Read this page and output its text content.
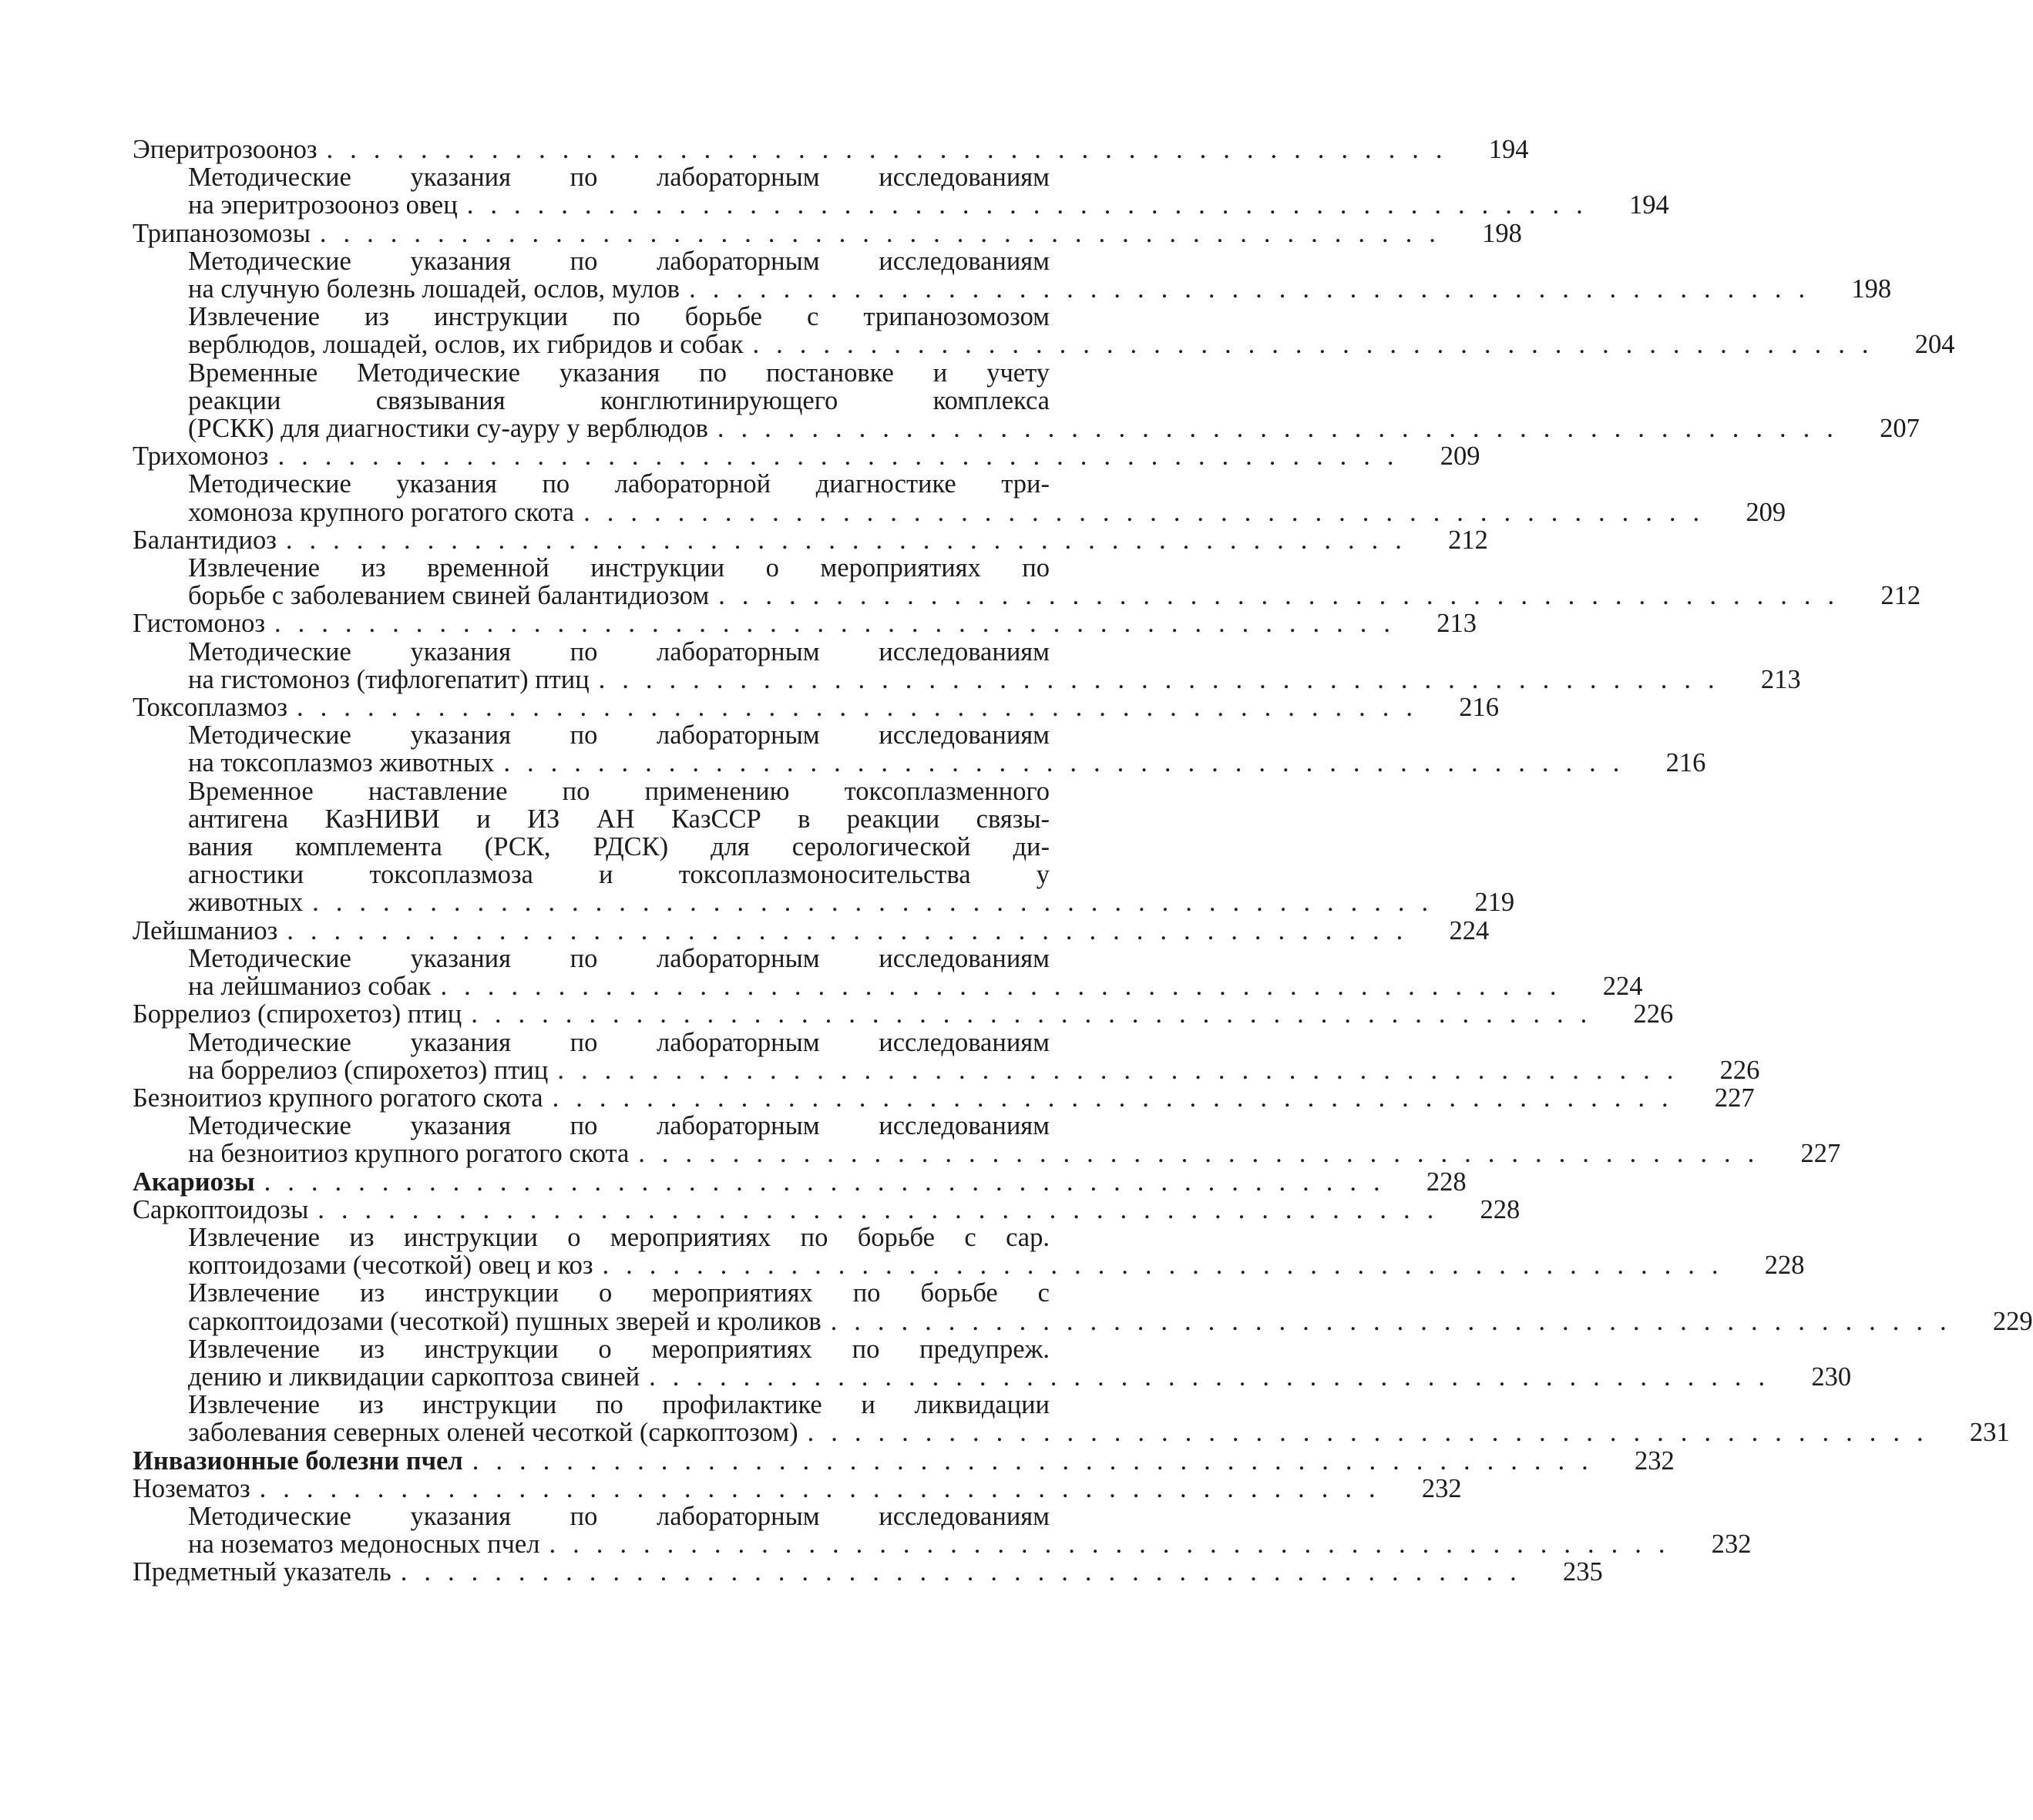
Эперитрозооноз ................................................	194
Методические указания по лабораторным исследованиям
на эперитрозооноз овец ................................................	194
Трипанозомозы ................................................	198
Методические указания по лабораторным исследованиям
на случную болезнь лошадей, ослов, мулов ................................................	198
Извлечение из инструкции по борьбе с трипанозомозом
верблюдов, лошадей, ослов, их гибридов и собак ................................................	204
Временные Методические указания по постановке и учету
реакции связывания конглютинирующего комплекса
(РСКК) для диагностики су-ауру у верблюдов ................................................	207
Трихомоноз ................................................	209
Методические указания по лабораторной диагностике три-
хомоноза крупного рогатого скота ................................................	209
Балантидиоз ................................................	212
Извлечение из временной инструкции о мероприятиях по
борьбе с заболеванием свиней балантидиозом ................................................	212
Гистомоноз ................................................	213
Методические указания по лабораторным исследованиям
на гистомоноз (тифлогепатит) птиц ................................................	213
Токсоплазмоз ................................................	216
Методические указания по лабораторным исследованиям
на токсоплазмоз животных ................................................	216
Временное наставление по применению токсоплазменного
антигена КазНИВИ и ИЗ АН КазССР в реакции связы-
вания комплемента (РСК, РДСК) для серологической ди-
агностики токсоплазмоза и токсоплазмоносительства у
животных ................................................	219
Лейшманиоз ................................................	224
Методические указания по лабораторным исследованиям
на лейшманиоз собак ................................................	224
Боррелиоз (спирохетоз) птиц ................................................	226
Методические указания по лабораторным исследованиям
на боррелиоз (спирохетоз) птиц ................................................	226
Безноитиоз крупного рогатого скота ................................................	227
Методические указания по лабораторным исследованиям
на безноитиоз крупного рогатого скота ................................................	227
Акариозы ................................................	228
Саркоптоидозы ................................................	228
Извлечение из инструкции о мероприятиях по борьбе с сар.
коптоидозами (чесоткой) овец и коз ................................................	228
Извлечение из инструкции о мероприятиях по борьбе с
саркоптоидозами (чесоткой) пушных зверей и кроликов ................................................	229
Извлечение из инструкции о мероприятиях по предупреж.
дению и ликвидации саркоптоза свиней ................................................	230
Извлечение из инструкции по профилактике и ликвидации
заболевания северных оленей чесоткой (саркоптозом) ................................................	231
Инвазионные болезни пчел ................................................	232
Нозематоз ................................................	232
Методические указания по лабораторным исследованиям
на нозематоз медоносных пчел ................................................	232
Предметный указатель ................................................	235
